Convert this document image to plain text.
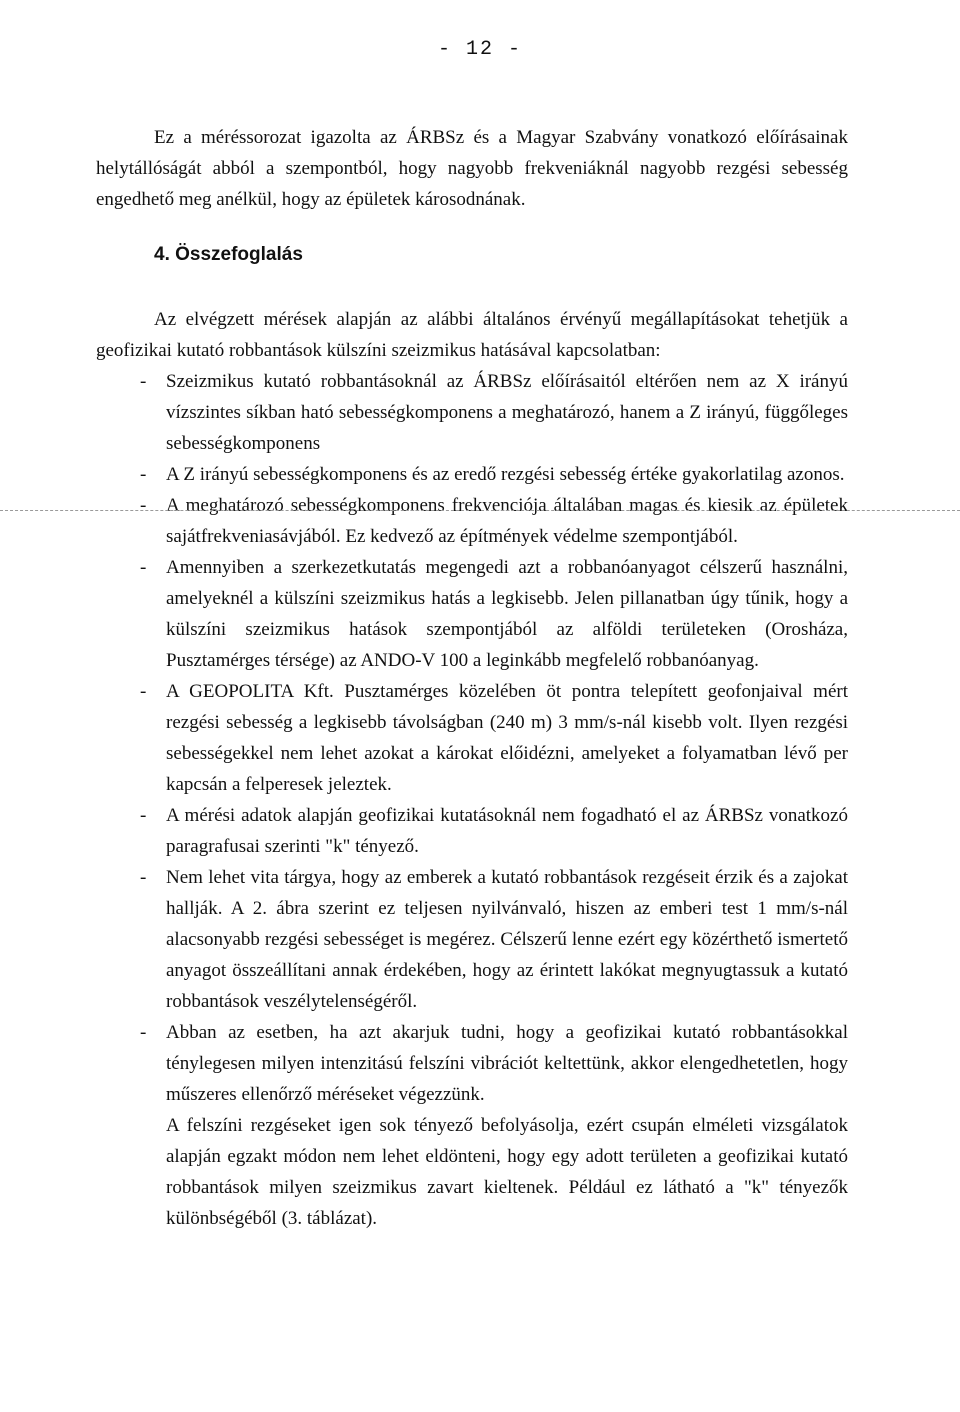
- 12 -

Ez a méréssorozat igazolta az ÁRBSz és a Magyar Szabvány vonatkozó előírásainak helytállóságát abból a szempontból, hogy nagyobb frekveniáknál nagyobb rezgési sebesség engedhető meg anélkül, hogy az épületek károsodnának.

4. Összefoglalás

Az elvégzett mérések alapján az alábbi általános érvényű megállapításokat tehetjük a geofizikai kutató robbantások külszíni szeizmikus hatásával kapcsolatban:

- Szeizmikus kutató robbantásoknál az ÁRBSz előírásaitól eltérően nem az X irányú vízszintes síkban ható sebességkomponens a meghatározó, hanem a Z irányú, függőleges sebességkomponens
- A Z irányú sebességkomponens és az eredő rezgési sebesség értéke gyakorlatilag azonos.
- A meghatározó sebességkomponens frekvenciója általában magas és kiesik az épületek sajátfrekveniasávjából. Ez kedvező az építmények védelme szempontjából.
- Amennyiben a szerkezetkutatás megengedi azt a robbanóanyagot célszerű használni, amelyeknél a külszíni szeizmikus hatás a legkisebb. Jelen pillanatban úgy tűnik, hogy a külszíni szeizmikus hatások szempontjából az alföldi területeken (Orosháza, Pusztamérges térsége) az ANDO-V 100 a leginkább megfelelő robbanóanyag.
- A GEOPOLITA Kft. Pusztamérges közelében öt pontra telepített geofonjaival mért rezgési sebesség a legkisebb távolságban (240 m) 3 mm/s-nál kisebb volt. Ilyen rezgési sebességekkel nem lehet azokat a károkat előidézni, amelyeket a folyamatban lévő per kapcsán a felperesek jeleztek.
- A mérési adatok alapján geofizikai kutatásoknál nem fogadható el az ÁRBSz vonatkozó paragrafusai szerinti "k" tényező.
- Nem lehet vita tárgya, hogy az emberek a kutató robbantások rezgéseit érzik és a zajokat hallják. A 2. ábra szerint ez teljesen nyilvánvaló, hiszen az emberi test 1 mm/s-nál alacsonyabb rezgési sebességet is megérez. Célszerű lenne ezért egy közérthető ismertető anyagot összeállítani annak érdekében, hogy az érintett lakókat megnyugtassuk a kutató robbantások veszélytelenségéről.
- Abban az esetben, ha azt akarjuk tudni, hogy a geofizikai kutató robbantásokkal ténylegesen milyen intenzitású felszíni vibrációt keltettünk, akkor elengedhetetlen, hogy műszeres ellenőrző méréseket végezzünk.

A felszíni rezgéseket igen sok tényező befolyásolja, ezért csupán elméleti vizsgálatok alapján egzakt módon nem lehet eldönteni, hogy egy adott területen a geofizikai kutató robbantások milyen szeizmikus zavart kieltenek. Például ez látható a "k" tényezők különbségéből (3. táblázat).
